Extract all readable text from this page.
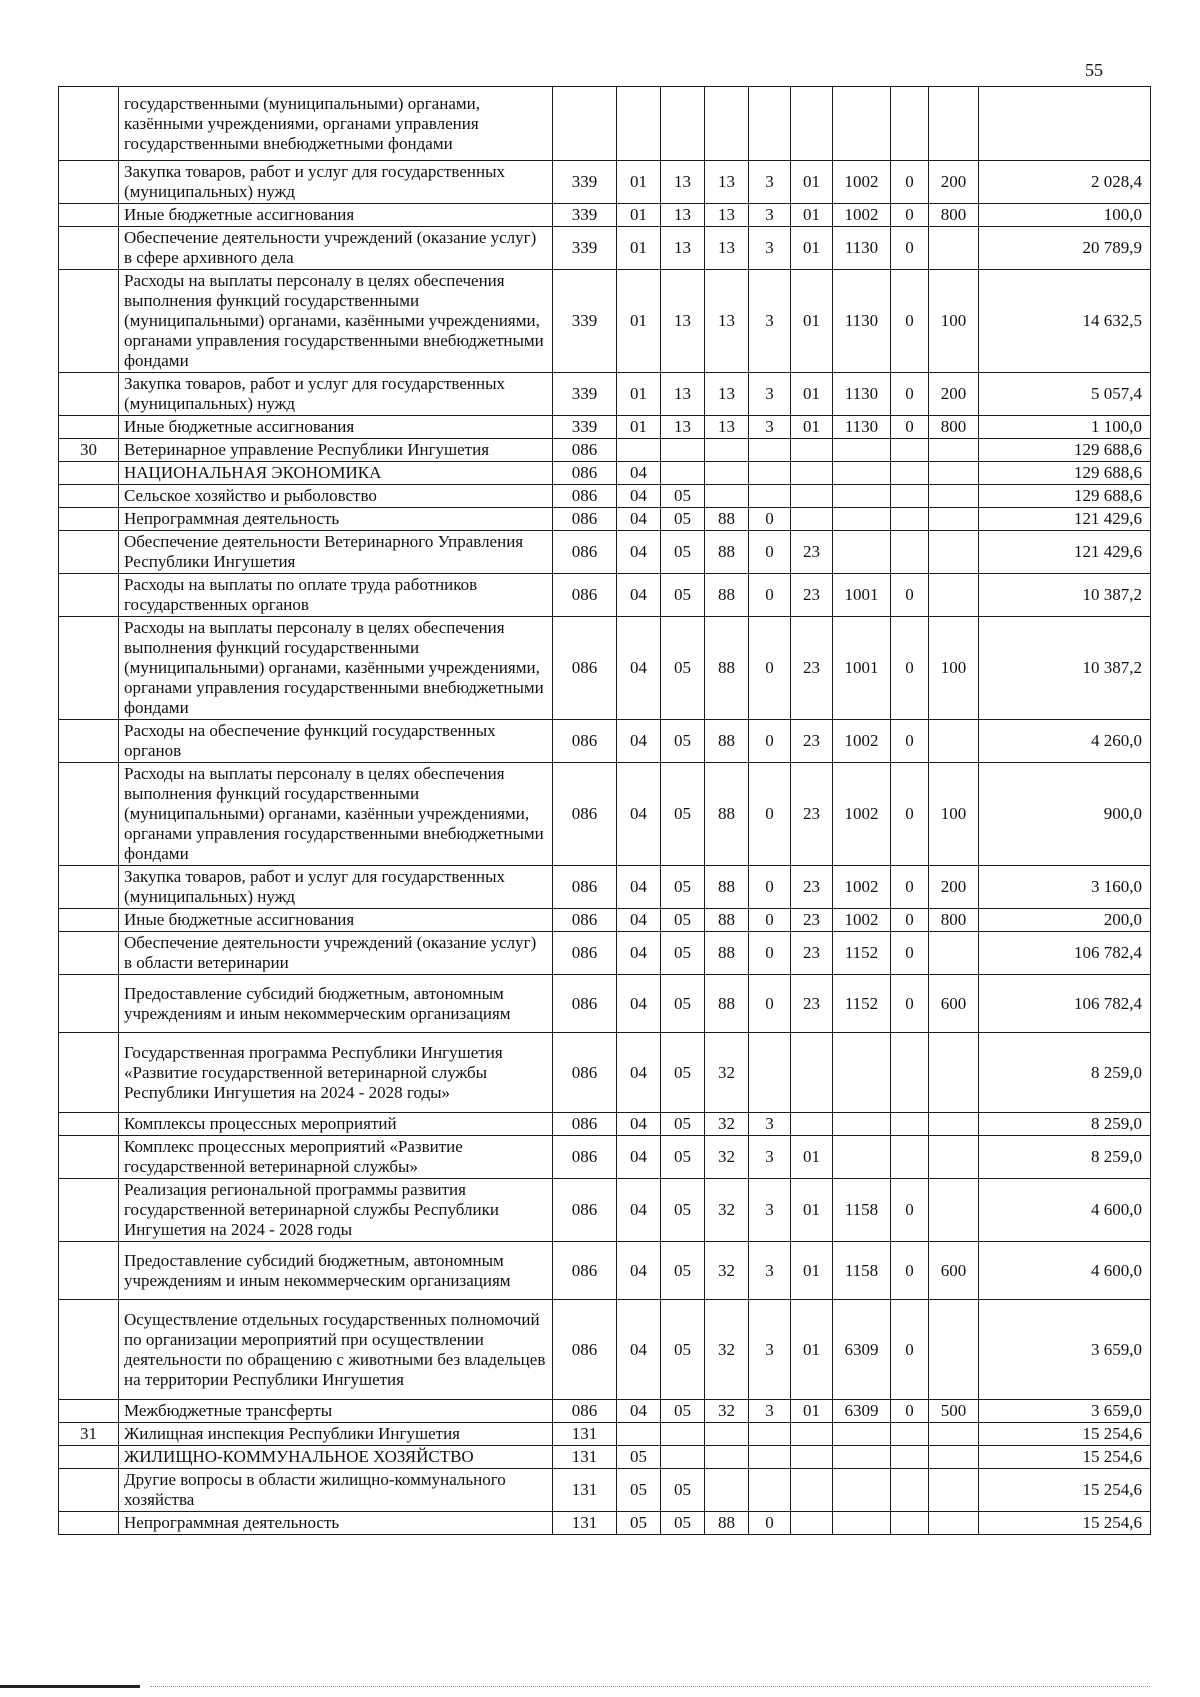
55
	государственными (муниципальными) органами, казёнными учреждениями, органами управления государственными внебюджетными фондами										
	Закупка товаров, работ и услуг для государственных (муниципальных) нужд	339	01	13	13	3	01	1002	0	200	2 028,4
	Иные бюджетные ассигнования	339	01	13	13	3	01	1002	0	800	100,0
	Обеспечение деятельности учреждений (оказание услуг) в сфере архивного дела	339	01	13	13	3	01	1130	0		20 789,9
	Расходы на выплаты персоналу в целях обеспечения выполнения функций государственными (муниципальными) органами, казёнными учреждениями, органами управления государственными внебюджетными фондами	339	01	13	13	3	01	1130	0	100	14 632,5
	Закупка товаров, работ и услуг для государственных (муниципальных) нужд	339	01	13	13	3	01	1130	0	200	5 057,4
	Иные бюджетные ассигнования	339	01	13	13	3	01	1130	0	800	1 100,0
30	Ветеринарное управление Республики Ингушетия	086									129 688,6
	НАЦИОНАЛЬНАЯ ЭКОНОМИКА	086	04								129 688,6
	Сельское хозяйство и рыболовство	086	04	05							129 688,6
	Непрограммная деятельность	086	04	05	88	0					121 429,6
	Обеспечение деятельности Ветеринарного Управления Республики Ингушетия	086	04	05	88	0	23				121 429,6
	Расходы на выплаты по оплате труда работников государственных органов	086	04	05	88	0	23	1001	0		10 387,2
	Расходы на выплаты персоналу в целях обеспечения выполнения функций государственными (муниципальными) органами, казёнными учреждениями, органами управления государственными внебюджетными фондами	086	04	05	88	0	23	1001	0	100	10 387,2
	Расходы на обеспечение функций государственных органов	086	04	05	88	0	23	1002	0		4 260,0
	Расходы на выплаты персоналу в целях обеспечения выполнения функций государственными (муниципальными) органами, казённыи учреждениями, органами управления государственными внебюджетными фондами	086	04	05	88	0	23	1002	0	100	900,0
	Закупка товаров, работ и услуг для государственных (муниципальных) нужд	086	04	05	88	0	23	1002	0	200	3 160,0
	Иные бюджетные ассигнования	086	04	05	88	0	23	1002	0	800	200,0
	Обеспечение деятельности учреждений (оказание услуг) в области ветеринарии	086	04	05	88	0	23	1152	0		106 782,4
	Предоставление субсидий бюджетным, автономным учреждениям и иным некоммерческим организациям	086	04	05	88	0	23	1152	0	600	106 782,4
	Государственная программа Республики Ингушетия «Развитие государственной ветеринарной службы Республики Ингушетия на 2024 - 2028 годы»	086	04	05	32						8 259,0
	Комплексы процессных мероприятий	086	04	05	32	3					8 259,0
	Комплекс процессных мероприятий «Развитие государственной ветеринарной службы»	086	04	05	32	3	01				8 259,0
	Реализация региональной программы развития государственной ветеринарной службы Республики Ингушетия на 2024 - 2028 годы	086	04	05	32	3	01	1158	0		4 600,0
	Предоставление субсидий бюджетным, автономным учреждениям и иным некоммерческим организациям	086	04	05	32	3	01	1158	0	600	4 600,0
	Осуществление отдельных государственных полномочий по организации мероприятий при осуществлении деятельности по обращению с животными без владельцев на территории Республики Ингушетия	086	04	05	32	3	01	6309	0		3 659,0
	Межбюджетные трансферты	086	04	05	32	3	01	6309	0	500	3 659,0
31	Жилищная инспекция Республики Ингушетия	131									15 254,6
	ЖИЛИЩНО-КОММУНАЛЬНОЕ ХОЗЯЙСТВО	131	05								15 254,6
	Другие вопросы в области жилищно-коммунального хозяйства	131	05	05							15 254,6
	Непрограммная деятельность	131	05	05	88	0					15 254,6
